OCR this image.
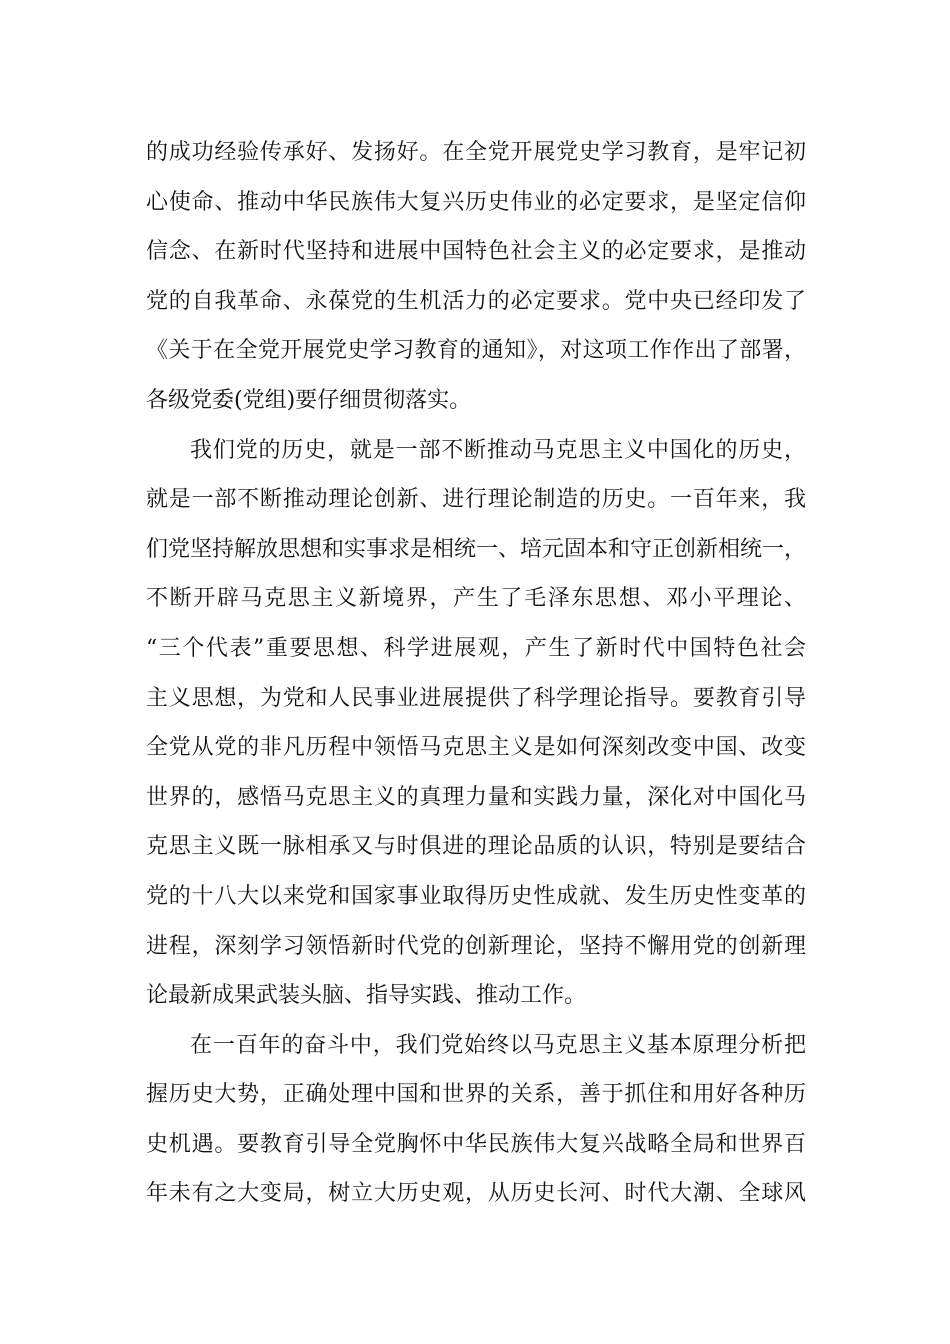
的成功经验传承好、发扬好。在全党开展党史学习教育，是牢记初
心使命、推动中华民族伟大复兴历史伟业的必定要求，是坚定信仰
信念、在新时代坚持和进展中国特色社会主义的必定要求，是推动
党的自我革命、永葆党的生机活力的必定要求。党中央已经印发了
《关于在全党开展党史学习教育的通知》，对这项工作作出了部署，
各级党委(党组)要仔细贯彻落实。
我们党的历史，就是一部不断推动马克思主义中国化的历史，
就是一部不断推动理论创新、进行理论制造的历史。一百年来，我
们党坚持解放思想和实事求是相统一、培元固本和守正创新相统一，
不断开辟马克思主义新境界，产生了毛泽东思想、邓小平理论、
“三个代表”重要思想、科学进展观，产生了新时代中国特色社会
主义思想，为党和人民事业进展提供了科学理论指导。要教育引导
全党从党的非凡历程中领悟马克思主义是如何深刻改变中国、改变
世界的，感悟马克思主义的真理力量和实践力量，深化对中国化马
克思主义既一脉相承又与时俱进的理论品质的认识，特别是要结合
党的十八大以来党和国家事业取得历史性成就、发生历史性变革的
进程，深刻学习领悟新时代党的创新理论，坚持不懈用党的创新理
论最新成果武装头脑、指导实践、推动工作。
在一百年的奋斗中，我们党始终以马克思主义基本原理分析把
握历史大势，正确处理中国和世界的关系，善于抓住和用好各种历
史机遇。要教育引导全党胸怀中华民族伟大复兴战略全局和世界百
年未有之大变局，树立大历史观，从历史长河、时代大潮、全球风
